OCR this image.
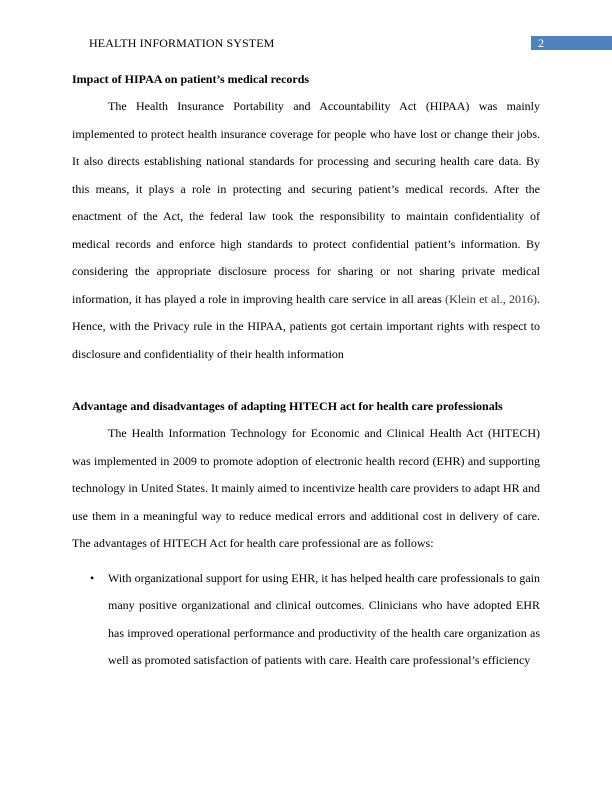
HEALTH INFORMATION SYSTEM	2
Impact of HIPAA on patient’s medical records

The Health Insurance Portability and Accountability Act (HIPAA) was mainly implemented to protect health insurance coverage for people who have lost or change their jobs. It also directs establishing national standards for processing and securing health care data. By this means, it plays a role in protecting and securing patient’s medical records. After the enactment of the Act, the federal law took the responsibility to maintain confidentiality of medical records and enforce high standards to protect confidential patient’s information. By considering the appropriate disclosure process for sharing or not sharing private medical information, it has played a role in improving health care service in all areas (Klein et al., 2016). Hence, with the Privacy rule in the HIPAA, patients got certain important rights with respect to disclosure and confidentiality of their health information

Advantage and disadvantages of adapting HITECH act for health care professionals

The Health Information Technology for Economic and Clinical Health Act (HITECH) was implemented in 2009 to promote adoption of electronic health record (EHR) and supporting technology in United States. It mainly aimed to incentivize health care providers to adapt HR and use them in a meaningful way to reduce medical errors and additional cost in delivery of care. The advantages of HITECH Act for health care professional are as follows:

• With organizational support for using EHR, it has helped health care professionals to gain many positive organizational and clinical outcomes. Clinicians who have adopted EHR has improved operational performance and productivity of the health care organization as well as promoted satisfaction of patients with care. Health care professional’s efficiency
